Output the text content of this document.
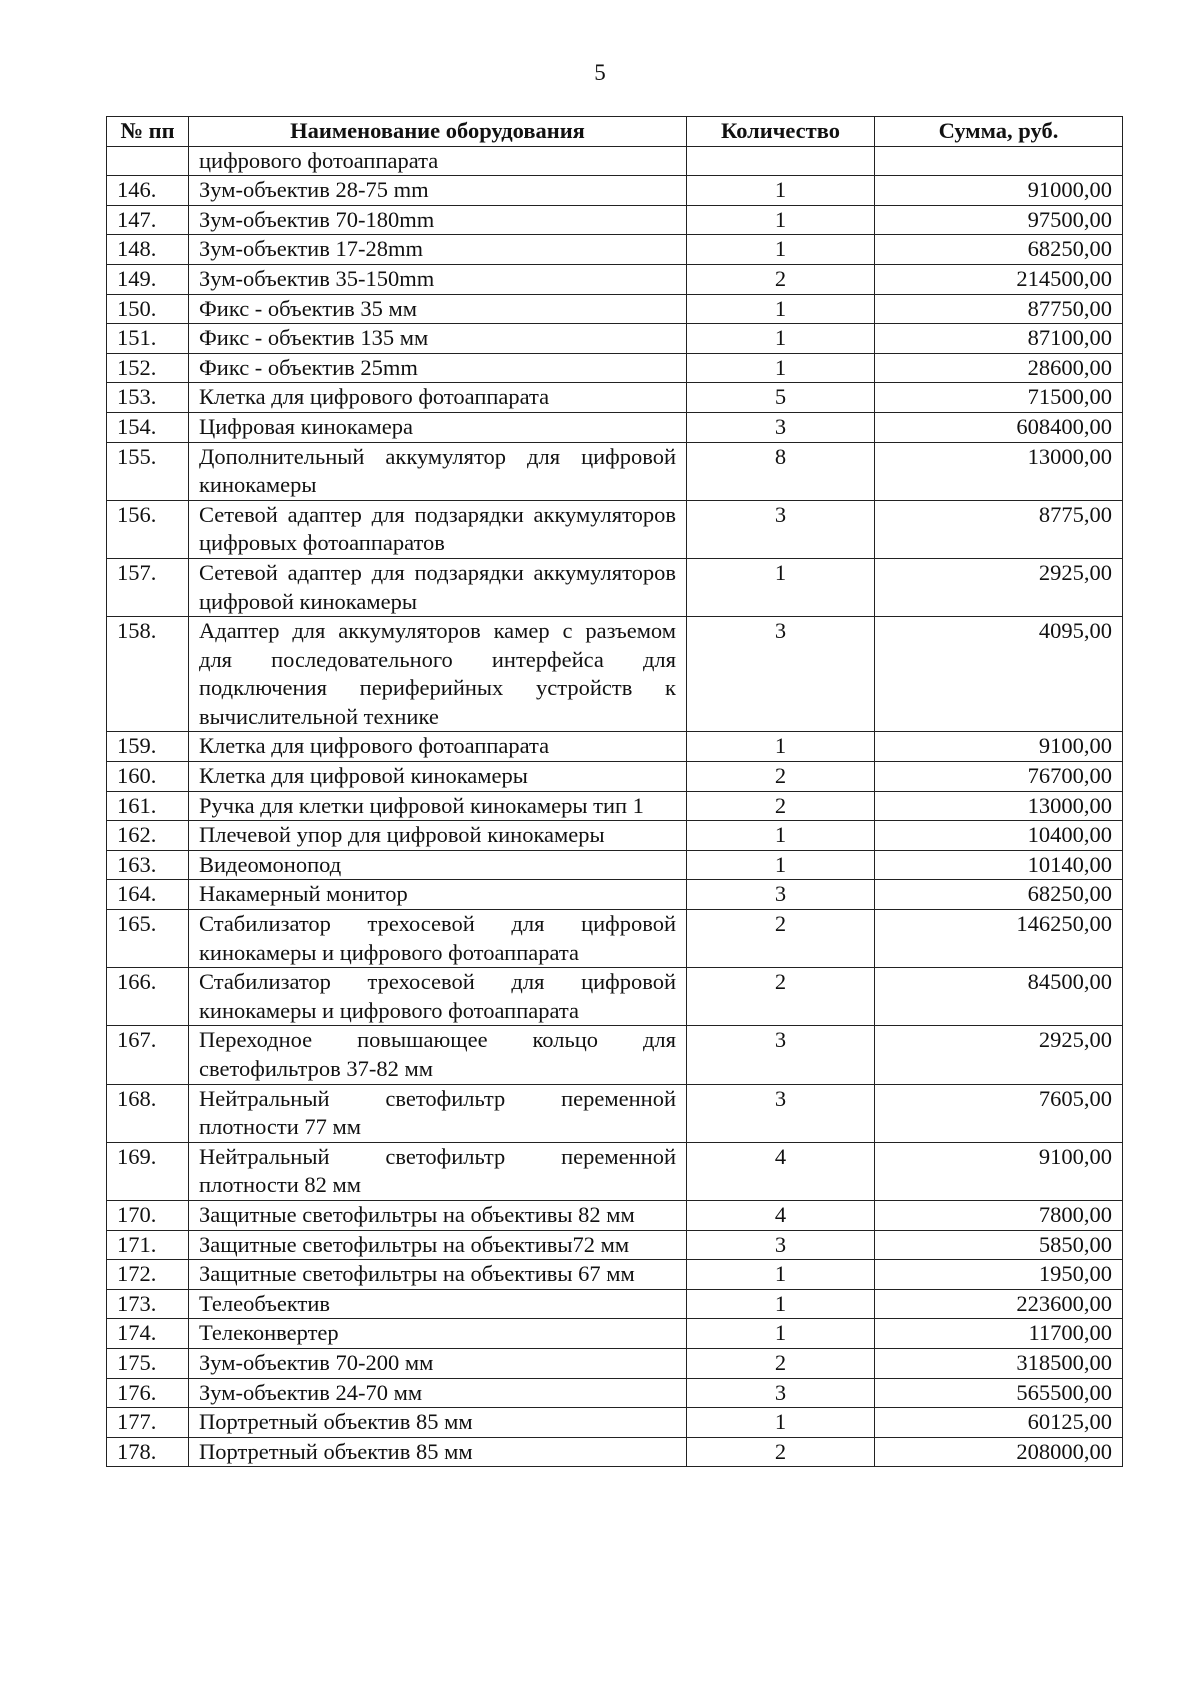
5
№ пп	Наименование оборудования	Количество	Сумма, руб.
	цифрового фотоаппарата		
146.	Зум-объектив 28-75 mm	1	91000,00
147.	Зум-объектив 70-180mm	1	97500,00
148.	Зум-объектив 17-28mm	1	68250,00
149.	Зум-объектив 35-150mm	2	214500,00
150.	Фикс - объектив 35 мм	1	87750,00
151.	Фикс - объектив 135 мм	1	87100,00
152.	Фикс - объектив 25mm	1	28600,00
153.	Клетка для цифрового фотоаппарата	5	71500,00
154.	Цифровая кинокамера	3	608400,00
155.	Дополнительный аккумулятор для цифровой кинокамеры	8	13000,00
156.	Сетевой адаптер для подзарядки аккумуляторов цифровых фотоаппаратов	3	8775,00
157.	Сетевой адаптер для подзарядки аккумуляторов цифровой кинокамеры	1	2925,00
158.	Адаптер для аккумуляторов камер с разъемом для последовательного интерфейса для подключения периферийных устройств к вычислительной технике	3	4095,00
159.	Клетка для цифрового фотоаппарата	1	9100,00
160.	Клетка для цифровой кинокамеры	2	76700,00
161.	Ручка для клетки цифровой кинокамеры тип 1	2	13000,00
162.	Плечевой упор для цифровой кинокамеры	1	10400,00
163.	Видеомонопод	1	10140,00
164.	Накамерный монитор	3	68250,00
165.	Стабилизатор трехосевой для цифровой кинокамеры и цифрового фотоаппарата	2	146250,00
166.	Стабилизатор трехосевой для цифровой кинокамеры и цифрового фотоаппарата	2	84500,00
167.	Переходное повышающее кольцо для светофильтров 37-82 мм	3	2925,00
168.	Нейтральный светофильтр переменной плотности 77 мм	3	7605,00
169.	Нейтральный светофильтр переменной плотности 82 мм	4	9100,00
170.	Защитные светофильтры на объективы 82 мм	4	7800,00
171.	Защитные светофильтры на объективы72 мм	3	5850,00
172.	Защитные светофильтры на объективы 67 мм	1	1950,00
173.	Телеобъектив	1	223600,00
174.	Телеконвертер	1	11700,00
175.	Зум-объектив 70-200 мм	2	318500,00
176.	Зум-объектив 24-70 мм	3	565500,00
177.	Портретный объектив 85 мм	1	60125,00
178.	Портретный объектив 85 мм	2	208000,00
